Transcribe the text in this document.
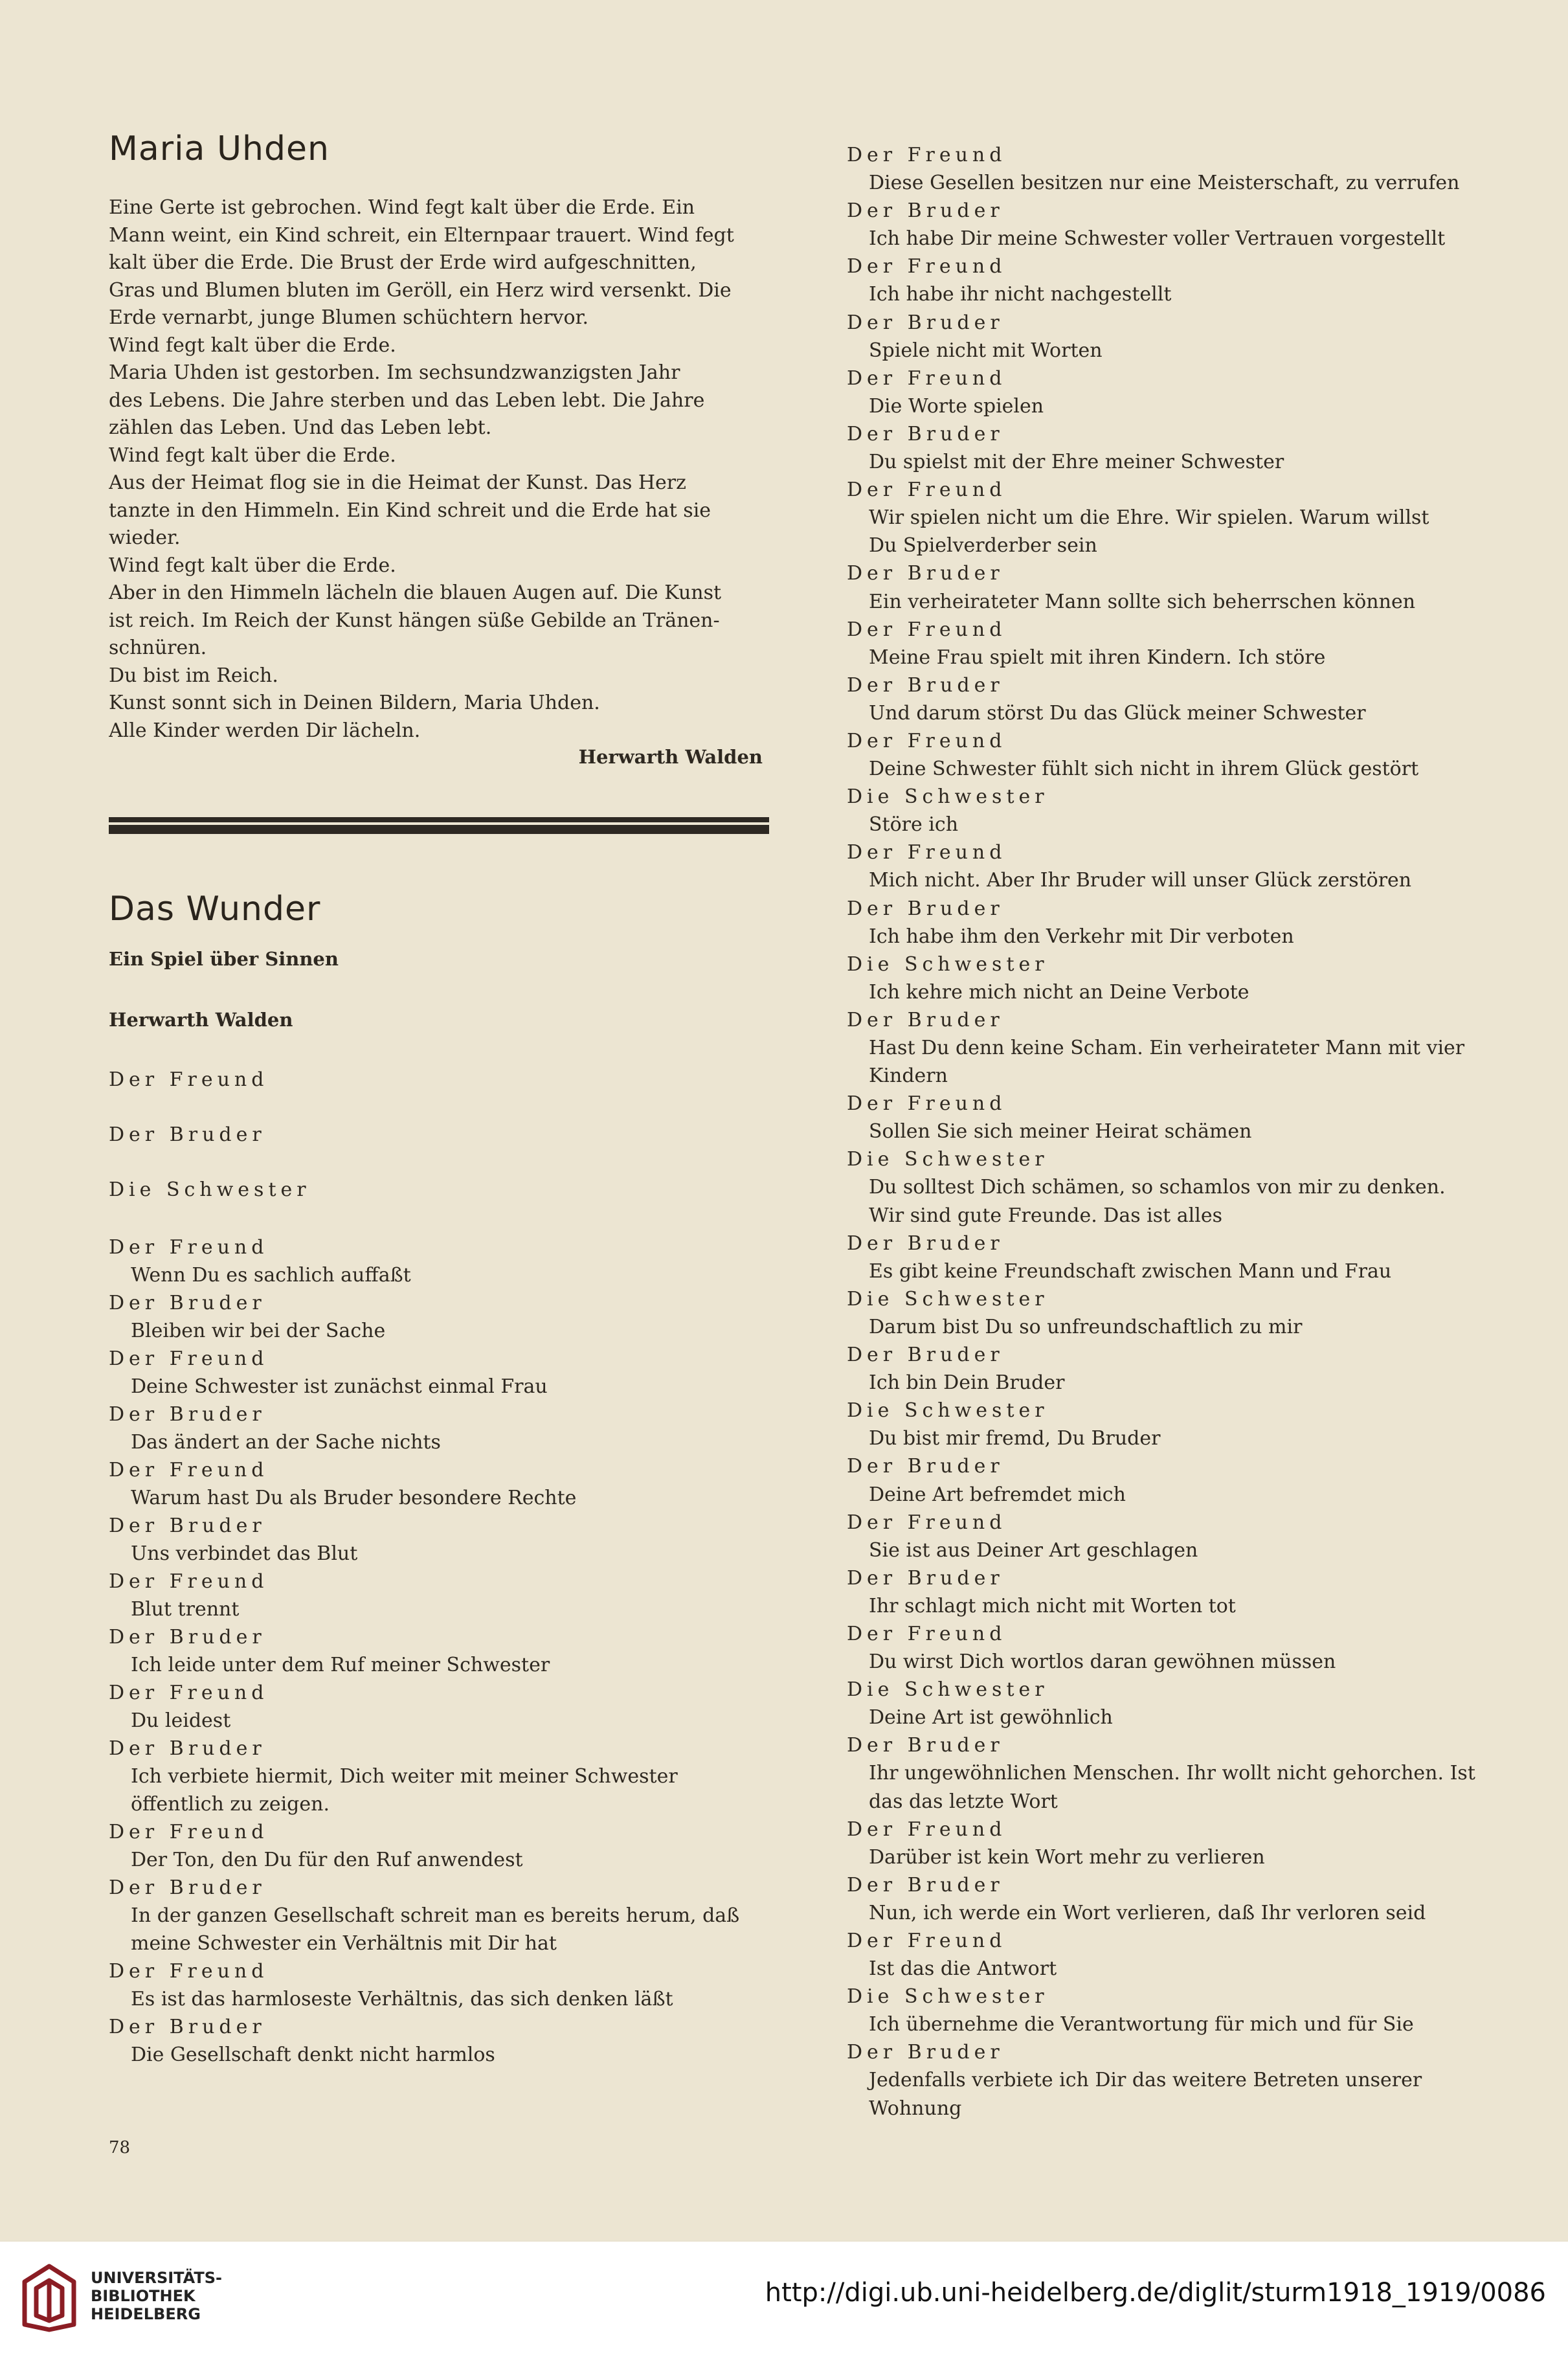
Maria Uhden
Eine Gerte ist gebrochen. Wind fegt kalt über die Erde. Ein
Mann weint, ein Kind schreit, ein Elternpaar trauert. Wind fegt
kalt über die Erde. Die Brust der Erde wird aufgeschnitten,
Gras und Blumen bluten im Geröll, ein Herz wird versenkt. Die
Erde vernarbt, junge Blumen schüchtern hervor.
Wind fegt kalt über die Erde.
Maria Uhden ist gestorben. Im sechsundzwanzigsten Jahr
des Lebens. Die Jahre sterben und das Leben lebt. Die Jahre
zählen das Leben. Und das Leben lebt.
Wind fegt kalt über die Erde.
Aus der Heimat flog sie in die Heimat der Kunst. Das Herz
tanzte in den Himmeln. Ein Kind schreit und die Erde hat sie
wieder.
Wind fegt kalt über die Erde.
Aber in den Himmeln lächeln die blauen Augen auf. Die Kunst
ist reich. Im Reich der Kunst hängen süße Gebilde an Tränen-
schnüren.
Du bist im Reich.
Kunst sonnt sich in Deinen Bildern, Maria Uhden.
Alle Kinder werden Dir lächeln.
Herwarth Walden
Das Wunder
Ein Spiel über Sinnen
Herwarth Walden
Der Freund
Der Bruder
Die Schwester
Der Freund
Wenn Du es sachlich auffaßt
Der Bruder
Bleiben wir bei der Sache
Der Freund
Deine Schwester ist zunächst einmal Frau
Der Bruder
Das ändert an der Sache nichts
Der Freund
Warum hast Du als Bruder besondere Rechte
Der Bruder
Uns verbindet das Blut
Der Freund
Blut trennt
Der Bruder
Ich leide unter dem Ruf meiner Schwester
Der Freund
Du leidest
Der Bruder
Ich verbiete hiermit, Dich weiter mit meiner Schwester
öffentlich zu zeigen.
Der Freund
Der Ton, den Du für den Ruf anwendest
Der Bruder
In der ganzen Gesellschaft schreit man es bereits herum, daß
meine Schwester ein Verhältnis mit Dir hat
Der Freund
Es ist das harmloseste Verhältnis, das sich denken läßt
Der Bruder
Die Gesellschaft denkt nicht harmlos
Der Freund
Diese Gesellen besitzen nur eine Meisterschaft, zu verrufen
Der Bruder
Ich habe Dir meine Schwester voller Vertrauen vorgestellt
Der Freund
Ich habe ihr nicht nachgestellt
Der Bruder
Spiele nicht mit Worten
Der Freund
Die Worte spielen
Der Bruder
Du spielst mit der Ehre meiner Schwester
Der Freund
Wir spielen nicht um die Ehre. Wir spielen. Warum willst
Du Spielverderber sein
Der Bruder
Ein verheirateter Mann sollte sich beherrschen können
Der Freund
Meine Frau spielt mit ihren Kindern. Ich störe
Der Bruder
Und darum störst Du das Glück meiner Schwester
Der Freund
Deine Schwester fühlt sich nicht in ihrem Glück gestört
Die Schwester
Störe ich
Der Freund
Mich nicht. Aber Ihr Bruder will unser Glück zerstören
Der Bruder
Ich habe ihm den Verkehr mit Dir verboten
Die Schwester
Ich kehre mich nicht an Deine Verbote
Der Bruder
Hast Du denn keine Scham. Ein verheirateter Mann mit vier
Kindern
Der Freund
Sollen Sie sich meiner Heirat schämen
Die Schwester
Du solltest Dich schämen, so schamlos von mir zu denken.
Wir sind gute Freunde. Das ist alles
Der Bruder
Es gibt keine Freundschaft zwischen Mann und Frau
Die Schwester
Darum bist Du so unfreundschaftlich zu mir
Der Bruder
Ich bin Dein Bruder
Die Schwester
Du bist mir fremd, Du Bruder
Der Bruder
Deine Art befremdet mich
Der Freund
Sie ist aus Deiner Art geschlagen
Der Bruder
Ihr schlagt mich nicht mit Worten tot
Der Freund
Du wirst Dich wortlos daran gewöhnen müssen
Die Schwester
Deine Art ist gewöhnlich
Der Bruder
Ihr ungewöhnlichen Menschen. Ihr wollt nicht gehorchen. Ist
das das letzte Wort
Der Freund
Darüber ist kein Wort mehr zu verlieren
Der Bruder
Nun, ich werde ein Wort verlieren, daß Ihr verloren seid
Der Freund
Ist das die Antwort
Die Schwester
Ich übernehme die Verantwortung für mich und für Sie
Der Bruder
Jedenfalls verbiete ich Dir das weitere Betreten unserer
Wohnung
78
UNIVERSITÄTS-
BIBLIOTHEK
HEIDELBERG
http://digi.ub.uni-heidelberg.de/diglit/sturm1918_1919/0086
